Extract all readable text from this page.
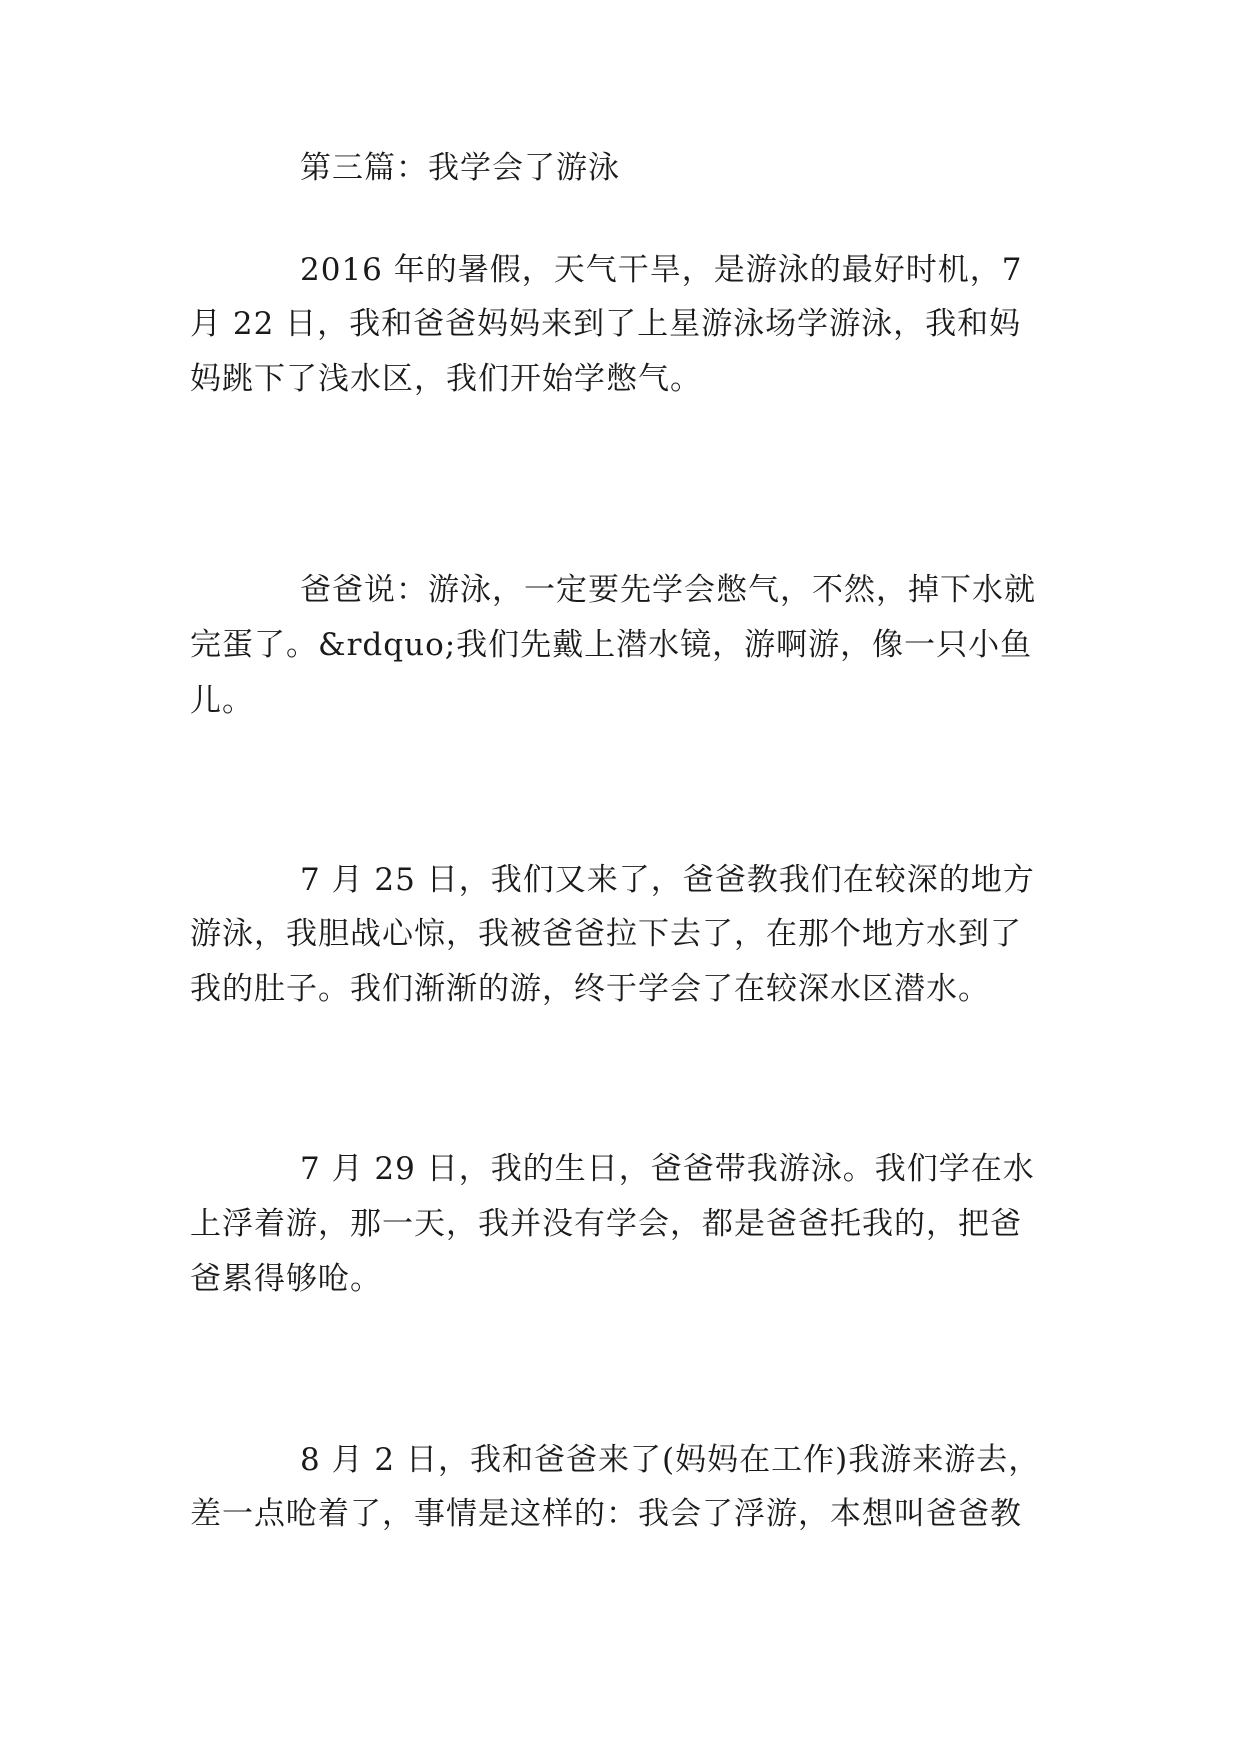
第三篇：我学会了游泳
2016 年的暑假，天气干旱，是游泳的最好时机，7
月 22 日，我和爸爸妈妈来到了上星游泳场学游泳，我和妈
妈跳下了浅水区，我们开始学憋气。
爸爸说：游泳，一定要先学会憋气，不然，掉下水就
完蛋了。&rdquo;我们先戴上潜水镜，游啊游，像一只小鱼
儿。
7 月 25 日，我们又来了，爸爸教我们在较深的地方
游泳，我胆战心惊，我被爸爸拉下去了，在那个地方水到了
我的肚子。我们渐渐的游，终于学会了在较深水区潜水。
7 月 29 日，我的生日，爸爸带我游泳。我们学在水
上浮着游，那一天，我并没有学会，都是爸爸托我的，把爸
爸累得够呛。
8 月 2 日，我和爸爸来了(妈妈在工作)我游来游去，
差一点呛着了，事情是这样的：我会了浮游，本想叫爸爸教
